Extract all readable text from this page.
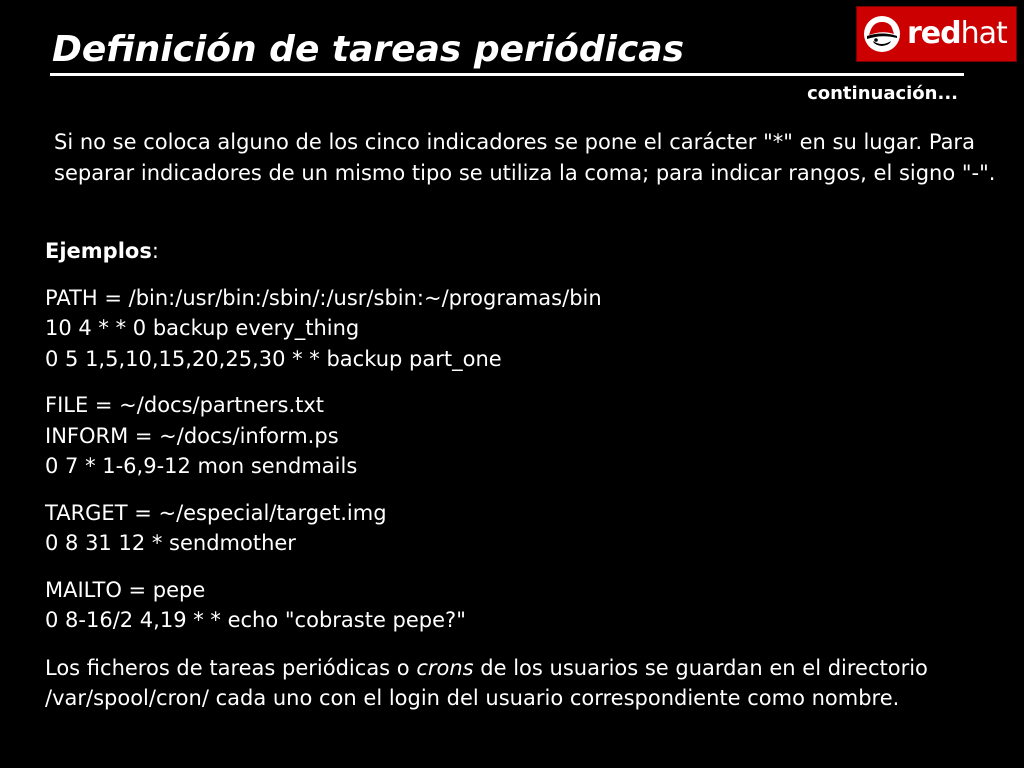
Definición de tareas periódicas
continuación...
redhat
Si no se coloca alguno de los cinco indicadores se pone el carácter "*" en su lugar. Para separar indicadores de un mismo tipo se utiliza la coma; para indicar rangos, el signo "-".
Ejemplos:
PATH = /bin:/usr/bin:/sbin/:/usr/sbin:~/programas/bin
10 4 * * 0 backup every_thing
0 5 1,5,10,15,20,25,30 * * backup part_one
FILE = ~/docs/partners.txt
INFORM = ~/docs/inform.ps
0 7 * 1-6,9-12 mon sendmails
TARGET = ~/especial/target.img
0 8 31 12 * sendmother
MAILTO = pepe
0 8-16/2 4,19 * * echo "cobraste pepe?"
Los ficheros de tareas periódicas o crons de los usuarios se guardan en el directorio /var/spool/cron/ cada uno con el login del usuario correspondiente como nombre.
